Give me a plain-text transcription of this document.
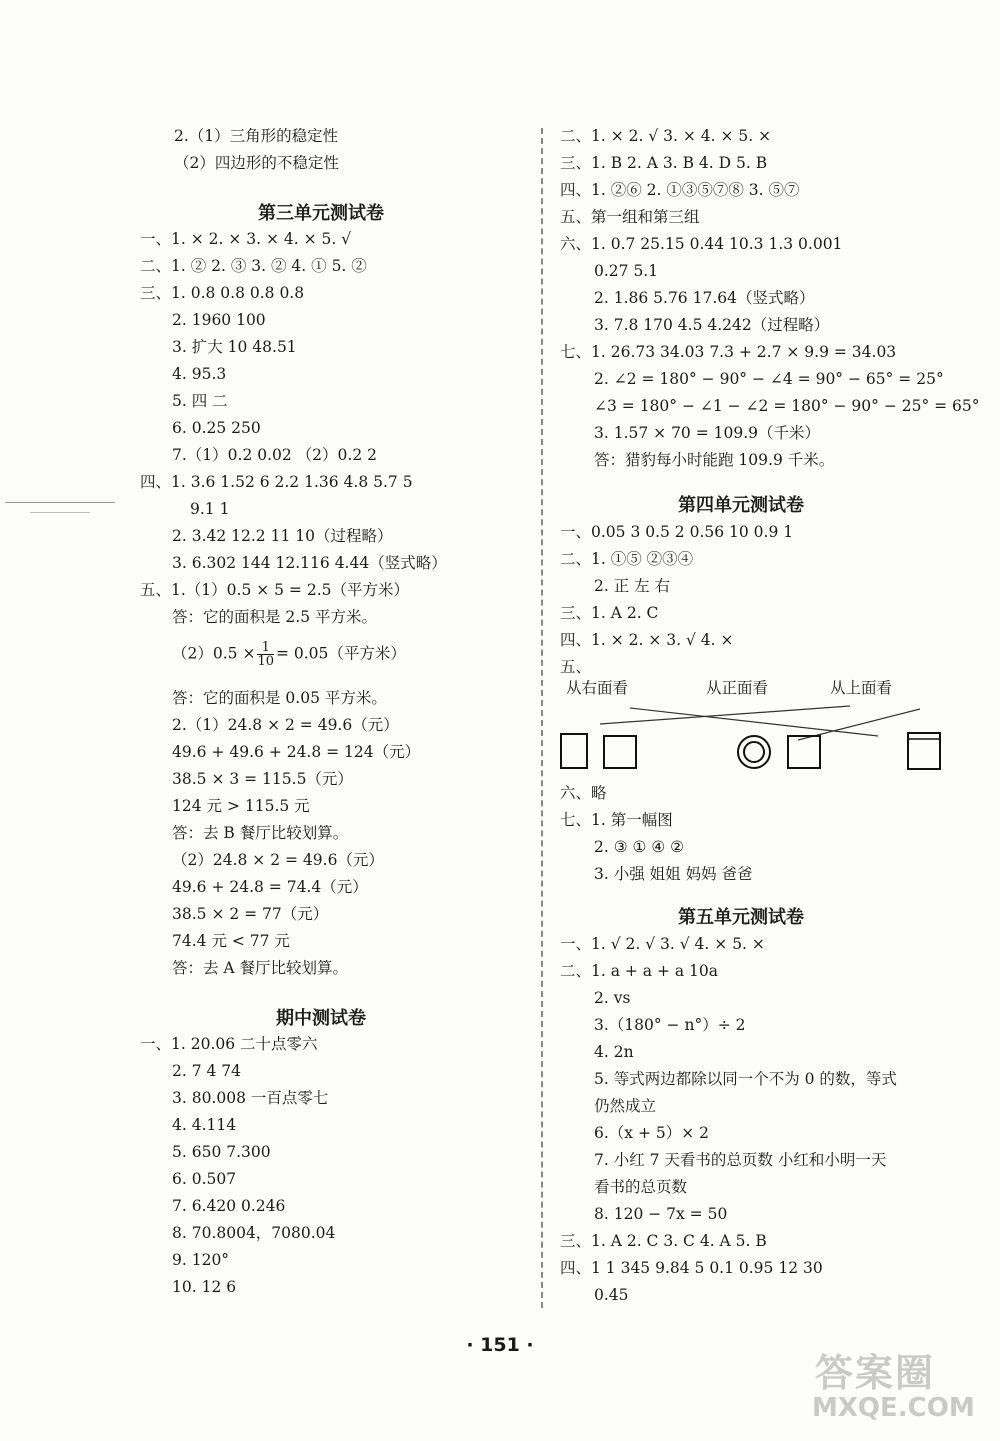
2.（1）三角形的稳定性
（2）四边形的不稳定性
第三单元测试卷
一、1. × 2. × 3. × 4. × 5. √
二、1. ② 2. ③ 3. ② 4. ① 5. ②
三、1. 0.8 0.8 0.8 0.8
2. 1960 100
3. 扩大 10 48.51
4. 95.3
5. 四 二
6. 0.25 250
7.（1）0.2 0.02 （2）0.2 2
四、1. 3.6 1.52 6 2.2 1.36 4.8 5.7 5
9.1 1
2. 3.42 12.2 11 10（过程略）
3. 6.302 144 12.116 4.44（竖式略）
五、1.（1）0.5 × 5 = 2.5（平方米）
答：它的面积是 2.5 平方米。
$(2)0.5 \times \frac{1}{10} = 0.05$（平方米）
答：它的面积是 0.05 平方米。
2.（1）24.8 × 2 = 49.6（元）
49.6 + 49.6 + 24.8 = 124（元）
38.5 × 3 = 115.5（元）
124 元 > 115.5 元
答：去 B 餐厅比较划算。
（2）24.8 × 2 = 49.6（元）
49.6 + 24.8 = 74.4（元）
38.5 × 2 = 77（元）
74.4 元 < 77 元
答：去 A 餐厅比较划算。
期中测试卷
一、1. 20.06 二十点零六
2. 7 4 74
3. 80.008 一百点零七
4. 4.114
5. 650 7.300
6. 0.507
7. 6.420 0.246
8. 70.8004，7080.04
9. 120°
10. 12 6
二、1. × 2. √ 3. × 4. × 5. ×
三、1. B 2. A 3. B 4. D 5. B
四、1. ②⑥ 2. ①③⑤⑦⑧ 3. ⑤⑦
五、第一组和第三组
六、1. 0.7 25.15 0.44 10.3 1.3 0.001
0.27 5.1
2. 1.86 5.76 17.64（竖式略）
3. 7.8 170 4.5 4.242（过程略）
七、1. 26.73 34.03 7.3 + 2.7 × 9.9 = 34.03
2. ∠2 = 180° − 90° − ∠4 = 90° − 65° = 25°
∠3 = 180° − ∠1 − ∠2 = 180° − 90° − 25° = 65°
3. 1.57 × 70 = 109.9（千米）
答：猎豹每小时能跑 109.9 千米。
第四单元测试卷
一、0.05 3 0.5 2 0.56 10 0.9 1
二、1. ①⑤ ②③④
2. 正 左 右
三、1. A 2. C
四、1. × 2. × 3. √ 4. ×
五、
从右面看	从正面看	从上面看
六、略
七、1. 第一幅图
2. ③ ① ④ ②
3. 小强 姐姐 妈妈 爸爸
第五单元测试卷
一、1. √ 2. √ 3. √ 4. × 5. ×
二、1. a + a + a 10a
2. vs
3.（180° − n°）÷ 2
4. 2n
5. 等式两边都除以同一个不为 0 的数，等式
仍然成立
6.（x + 5）× 2
7. 小红 7 天看书的总页数 小红和小明一天
看书的总页数
8. 120 − 7x = 50
三、1. A 2. C 3. C 4. A 5. B
四、1 1 345 9.84 5 0.1 0.95 12 30
0.45
· 151 ·
答案圈
MXQE.COM
